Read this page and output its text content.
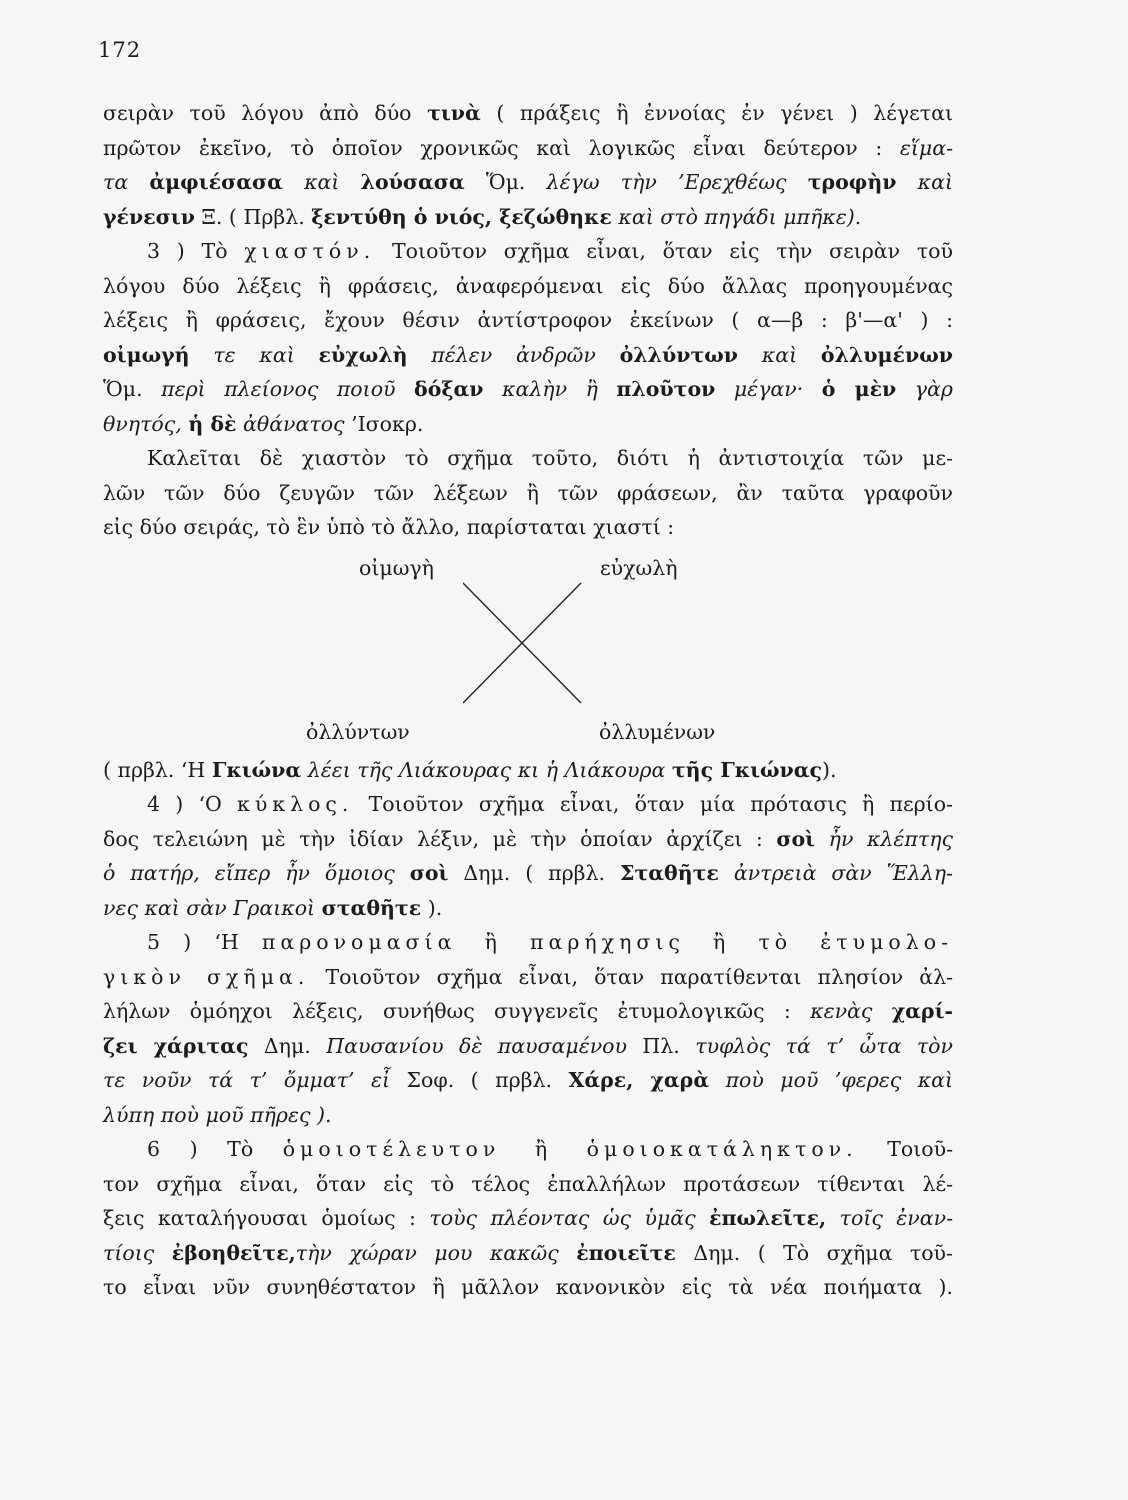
172
σειρὰν τοῦ λόγου ἀπὸ δύο τινὰ ( πράξεις ἢ ἐννοίας ἐν γένει ) λέγεται
πρῶτον ἐκεῖνο, τὸ ὁποῖον χρονικῶς καὶ λογικῶς εἶναι δεύτερον : εἵμα-
τα ἀμφιέσασα καὶ λούσασα Ὅμ. λέγω τὴν ’Ερεχθέως τροφὴν καὶ
γένεσιν Ξ. ( Πρβλ. ξεντύθη ὁ νιός, ξεζώθηκε καὶ στὸ πηγάδι μπῆκε).
3 ) Τὸ χιαστόν. Τοιοῦτον σχῆμα εἶναι, ὅταν εἰς τὴν σειρὰν τοῦ
λόγου δύο λέξεις ἢ φράσεις, ἀναφερόμεναι εἰς δύο ἄλλας προηγουμένας
λέξεις ἢ φράσεις, ἔχουν θέσιν ἀντίστροφον ἐκείνων ( α—β : β'—α' ) :
οἰμωγή τε καὶ εὐχωλὴ πέλεν ἀνδρῶν ὀλλύντων καὶ ὀλλυμένων
Ὅμ. περὶ πλείονος ποιοῦ δόξαν καλὴν ἢ πλοῦτον μέγαν· ὁ μὲν γὰρ
θνητός, ἡ δὲ ἀθάνατος ’Ισοκρ.
Καλεῖται δὲ χιαστὸν τὸ σχῆμα τοῦτο, διότι ἡ ἀντιστοιχία τῶν με-
λῶν τῶν δύο ζευγῶν τῶν λέξεων ἢ τῶν φράσεων, ἂν ταῦτα γραφοῦν
εἰς δύο σειράς, τὸ ἓν ὑπὸ τὸ ἄλλο, παρίσταται χιαστί :
οἰμωγὴ	εὐχωλὴ
ὀλλύντων	ὀλλυμένων
( πρβλ. ‘Η Γκιώνα λέει τῆς Λιάκουρας κι ἡ Λιάκουρα τῆς Γκιώνας).
4 ) ‘Ο κύκλος. Τοιοῦτον σχῆμα εἶναι, ὅταν μία πρότασις ἢ περίο-
δος τελειώνη μὲ τὴν ἰδίαν λέξιν, μὲ τὴν ὁποίαν ἀρχίζει : σοὶ ἦν κλέπτης
ὁ πατήρ, εἴπερ ἦν ὅμοιος σοὶ Δημ. ( πρβλ. Σταθῆτε ἀντρειὰ σὰν Ἕλλη-
νες καὶ σὰν Γραικοὶ σταθῆτε ).
5 ) ‘Η παρονομασία ἢ παρήχησις ἢ τὸ ἐτυμολο-
γικὸν σχῆμα. Τοιοῦτον σχῆμα εἶναι, ὅταν παρατίθενται πλησίον ἀλ-
λήλων ὁμόηχοι λέξεις, συνήθως συγγενεῖς ἐτυμολογικῶς : κενὰς χαρί-
ζει χάριτας Δημ. Παυσανίου δὲ παυσαμένου Πλ. τυφλὸς τά τ’ ὦτα τὸν
τε νοῦν τά τ’ ὄμματ’ εἶ Σοφ. ( πρβλ. Χάρε, χαρὰ ποὺ μοῦ ’φερες καὶ
λύπη ποὺ μοῦ πῆρες ).
6 ) Τὸ ὁμοιοτέλευτον ἢ ὁμοιοκατάληκτον. Τοιοῦ-
τον σχῆμα εἶναι, ὅταν εἰς τὸ τέλος ἐπαλλήλων προτάσεων τίθενται λέ-
ξεις καταλήγουσαι ὁμοίως : τοὺς πλέοντας ὡς ὑμᾶς ἐπωλεῖτε, τοῖς ἐναν-
τίοις ἐβοηθεῖτε,τὴν χώραν μου κακῶς ἐποιεῖτε Δημ. ( Τὸ σχῆμα τοῦ-
το εἶναι νῦν συνηθέστατον ἢ μᾶλλον κανονικὸν εἰς τὰ νέα ποιήματα ).
